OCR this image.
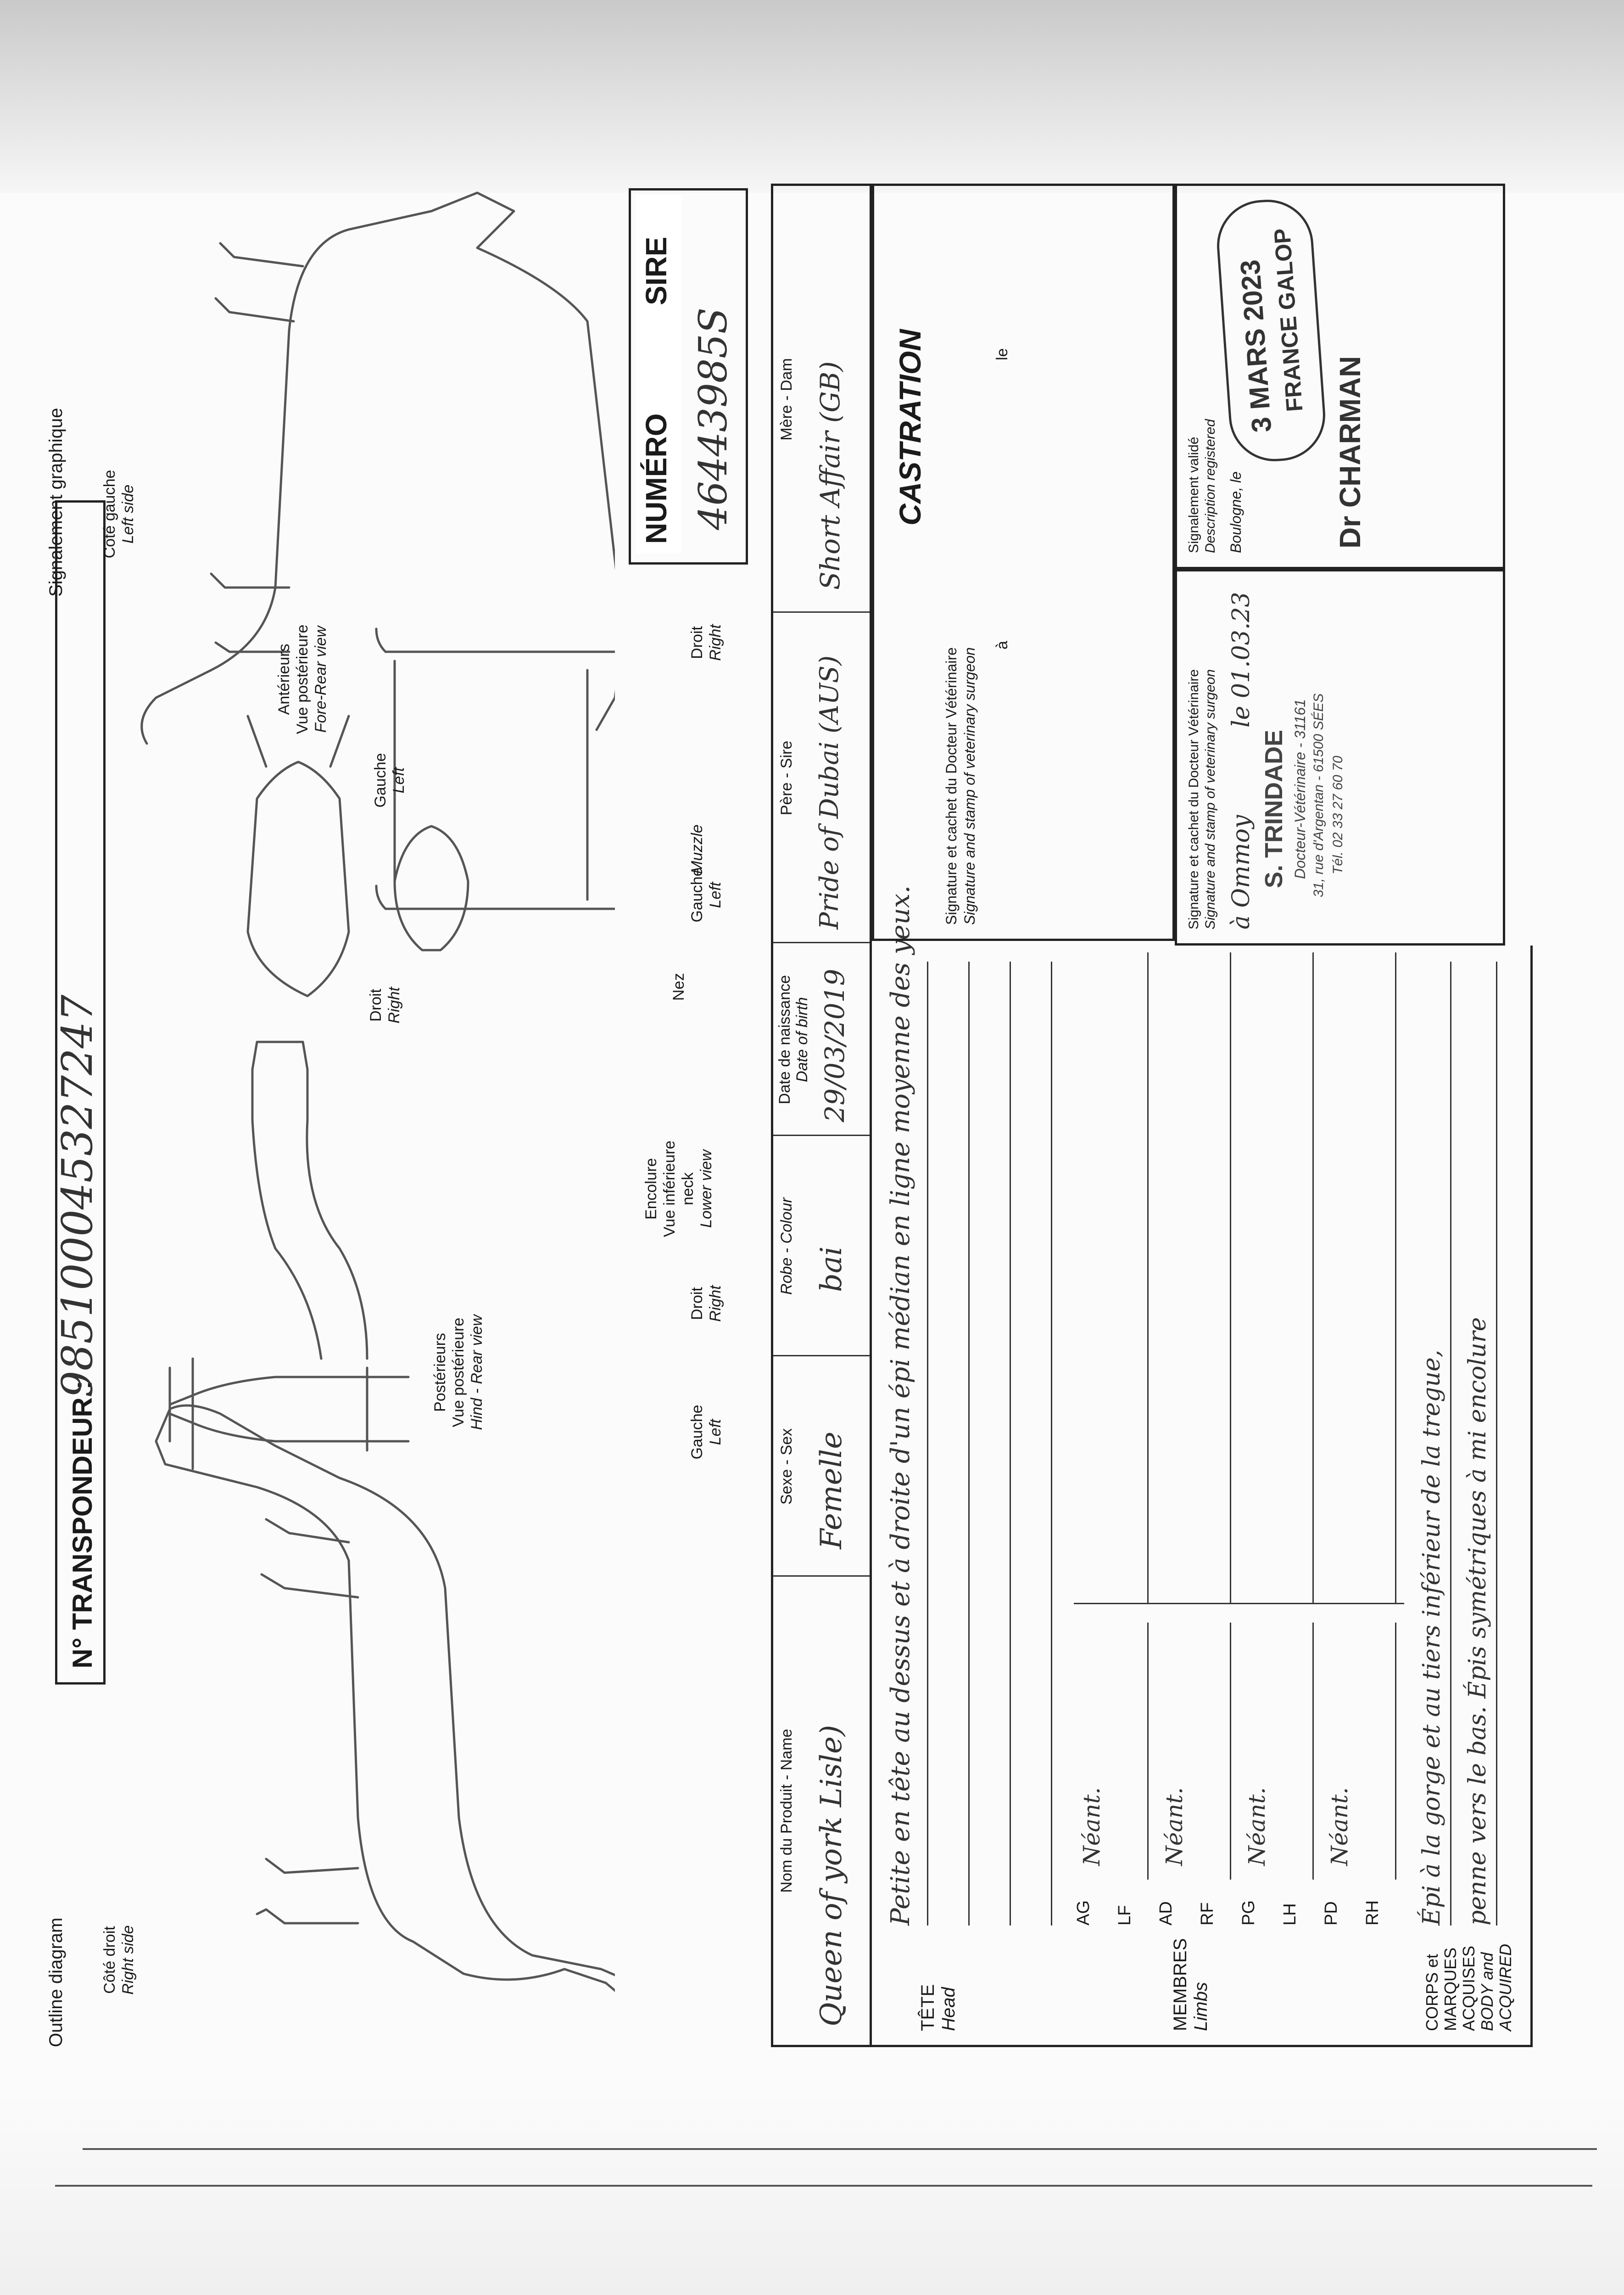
N° TRANSPONDEUR :
985100045327247
Outline diagram Côté droit Right side
Signalement graphique Côté gauche Left side
Postérieurs Vue postérieure Hind - Rear view
Gauche Left
Droit Right
Encolure Vue inférieure neck Lower view
Droit Right
Gauche Left
Nez
Muzzle
Antérieurs Vue postérieure Fore-Rear view
Gauche Left
Droit Right
NUMÉRO
SIRE
46443985S
Nom du Produit - Name Queen of york Lisle)
Sexe - Sex Femelle
Robe - Colour bai
Date de naissance Date of birth 29/03/2019
Père - Sire Pride of Dubai (AUS)
Mère - Dam Short Affair (GB)
TÊTE Head
Petite en tête au dessus et à droite d'un épi médian en ligne moyenne des yeux.
MEMBRES Limbs
AG LF AD RF PG LH PD RH
Néant. Néant. Néant. Néant.
CORPS et MARQUES ACQUISES BODY and ACQUIRED
Épi à la gorge et au tiers inférieur de la tregue, penne vers le bas. Épis symétriques à mi encolure
CASTRATION
Signature et cachet du Docteur Vétérinaire Signature and stamp of veterinary surgeon
à
le
Signature et cachet du Docteur Vétérinaire Signature and stamp of veterinary surgeon à Ommoy
le 01.03.23
S. TRINDADE Docteur-Vétérinaire - 31161 31, rue d'Argentan - 61500 SÉES Tél. 02 33 27 60 70
Signalement validé Description registered Boulogne, le
3 MARS 2023
FRANCE GALOP
Dr CHARMAN
